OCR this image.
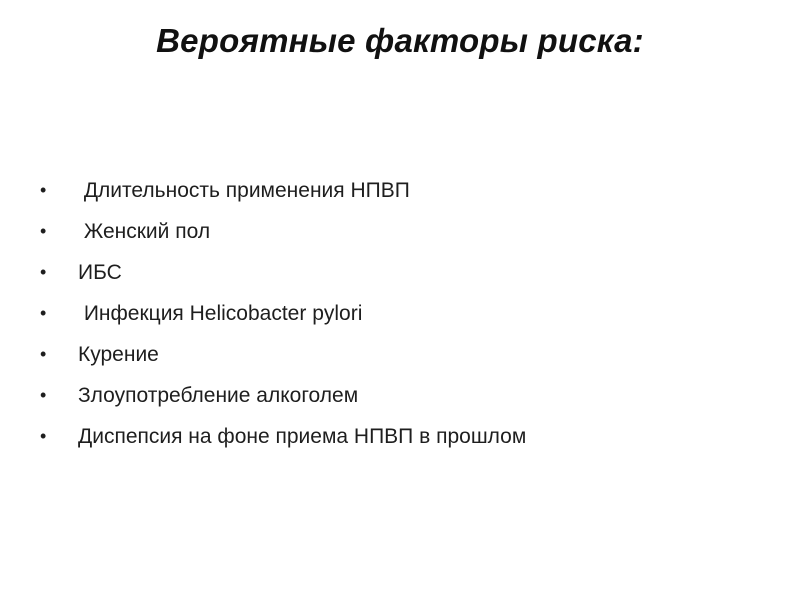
Вероятные факторы риска:
•	Длительность применения НПВП
•	Женский пол
•	ИБС
•	Инфекция Helicobacter pylori
•	Курение
•	Злоупотребление алкоголем
•	Диспепсия на фоне приема НПВП в прошлом
